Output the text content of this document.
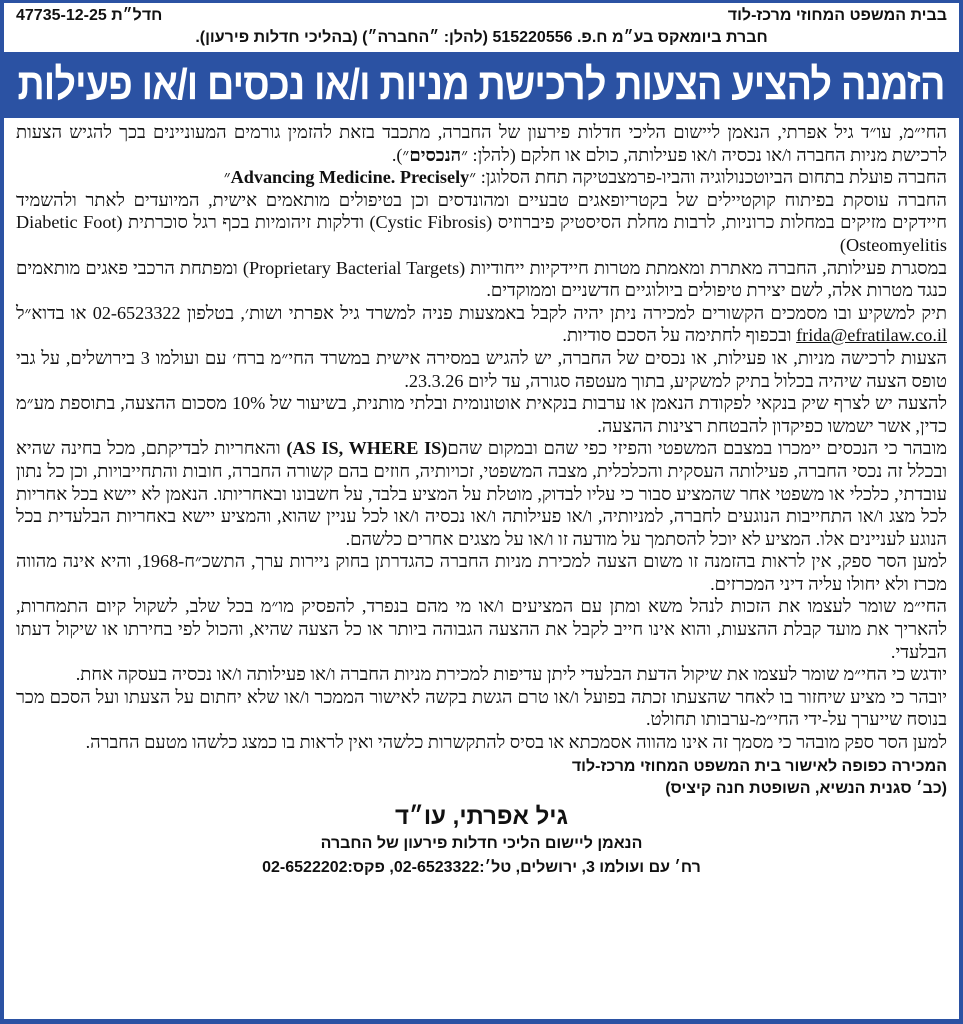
בבית המשפט המחוזי מרכז-לוד
חדל״ת 47735-12-25
חברת ביומאקס בע״מ ח.פ. 515220556 (להלן: ״החברה״) (בהליכי חדלות פירעון).
הזמנה להציע הצעות לרכישת מניות ו/או נכסים ו/או פעילות

החי״מ, עו״ד גיל אפרתי, הנאמן ליישום הליכי חדלות פירעון של החברה, מתכבד בזאת להזמין גורמים המעוניינים בכך להגיש הצעות לרכישת מניות החברה ו/או נכסיה ו/או פעילותה, כולם או חלקם (להלן: ״הנכסים״).

החברה פועלת בתחום הביוטכנולוגיה והביו-פרמצבטיקה תחת הסלוגן: ״Advancing Medicine. Precisely״

החברה עוסקת בפיתוח קוקטיילים של בקטריופאגים טבעיים ומהונדסים וכן בטיפולים מותאמים אישית, המיועדים לאתר ולהשמיד חיידקים מזיקים במחלות כרוניות, לרבות מחלת הסיסטיק פיברוזיס (Cystic Fibrosis) ודלקות זיהומיות בכף רגל סוכרתית (Diabetic Foot Osteomyelitis)

במסגרת פעילותה, החברה מאתרת ומאמתת מטרות חיידקיות ייחודיות (Proprietary Bacterial Targets) ומפתחת הרכבי פאגים מותאמים כנגד מטרות אלה, לשם יצירת טיפולים ביולוגיים חדשניים וממוקדים.

תיק למשקיע ובו מסמכים הקשורים למכירה ניתן יהיה לקבל באמצעות פניה למשרד גיל אפרתי ושות׳, בטלפון 02-6523322 או בדוא״ל frida@efratilaw.co.il ובכפוף לחתימה על הסכם סודיות.

הצעות לרכישה מניות, או פעילות, או נכסים של החברה, יש להגיש במסירה אישית במשרד החי״מ ברח׳ עם ועולמו 3 בירושלים, על גבי טופס הצעה שיהיה בכלול בתיק למשקיע, בתוך מעטפה סגורה, עד ליום 23.3.26.

להצעה יש לצרף שיק בנקאי לפקודת הנאמן או ערבות בנקאית אוטונומית ובלתי מותנית, בשיעור של 10% מסכום ההצעה, בתוספת מע״מ כדין, אשר ישמשו כפיקדון להבטחת רצינות ההצעה.

מובהר כי הנכסים יימכרו במצבם המשפטי והפיזי כפי שהם ובמקום שהם(AS IS, WHERE IS) והאחריות לבדיקתם, מכל בחינה שהיא ובכלל זה נכסי החברה, פעילותה העסקית והכלכלית, מצבה המשפטי, זכויותיה, חוזים בהם קשורה החברה, חובות והתחייבויות, וכן כל נתון עובדתי, כלכלי או משפטי אחר שהמציע סבור כי עליו לבדוק, מוטלת על המציע בלבד, על חשבונו ובאחריותו. הנאמן לא יישא בכל אחריות לכל מצג ו/או התחייבות הנוגעים לחברה, למניותיה, ו/או פעילותה ו/או נכסיה ו/או לכל עניין שהוא, והמציע יישא באחריות הבלעדית בכל הנוגע לעניינים אלו. המציע לא יוכל להסתמך על מודעה זו ו/או על מצגים אחרים כלשהם.

למען הסר ספק, אין לראות בהזמנה זו משום הצעה למכירת מניות החברה כהגדרתן בחוק ניירות ערך, התשכ״ח-1968, והיא אינה מהווה מכרז ולא יחולו עליה דיני המכרזים.

החי״מ שומר לעצמו את הזכות לנהל משא ומתן עם המציעים ו/או מי מהם בנפרד, להפסיק מו״מ בכל שלב, לשקול קיום התמחרות, להאריך את מועד קבלת ההצעות, והוא אינו חייב לקבל את ההצעה הגבוהה ביותר או כל הצעה שהיא, והכול לפי בחירתו או שיקול דעתו הבלעדי.

יודגש כי החי״מ שומר לעצמו את שיקול הדעת הבלעדי ליתן עדיפות למכירת מניות החברה ו/או פעילותה ו/או נכסיה בעסקה אחת.

יובהר כי מציע שיחזור בו לאחר שהצעתו זכתה בפועל ו/או טרם הגשת בקשה לאישור הממכר ו/או שלא יחתום על הצעתו ועל הסכם מכר בנוסח שייערך על-ידי החי״מ-ערבותו תחולט.

למען הסר ספק מובהר כי מסמך זה אינו מהווה אסמכתא או בסיס להתקשרות כלשהי ואין לראות בו כמצג כלשהו מטעם החברה.

המכירה כפופה לאישור בית המשפט המחוזי מרכז-לוד
(כב׳ סגנית הנשיא, השופטת חנה קיציס)
גיל אפרתי, עו״ד
הנאמן ליישום הליכי חדלות פירעון של החברה
רח׳ עם ועולמו 3, ירושלים, טל׳:02-6523322, פקס:02-6522202
